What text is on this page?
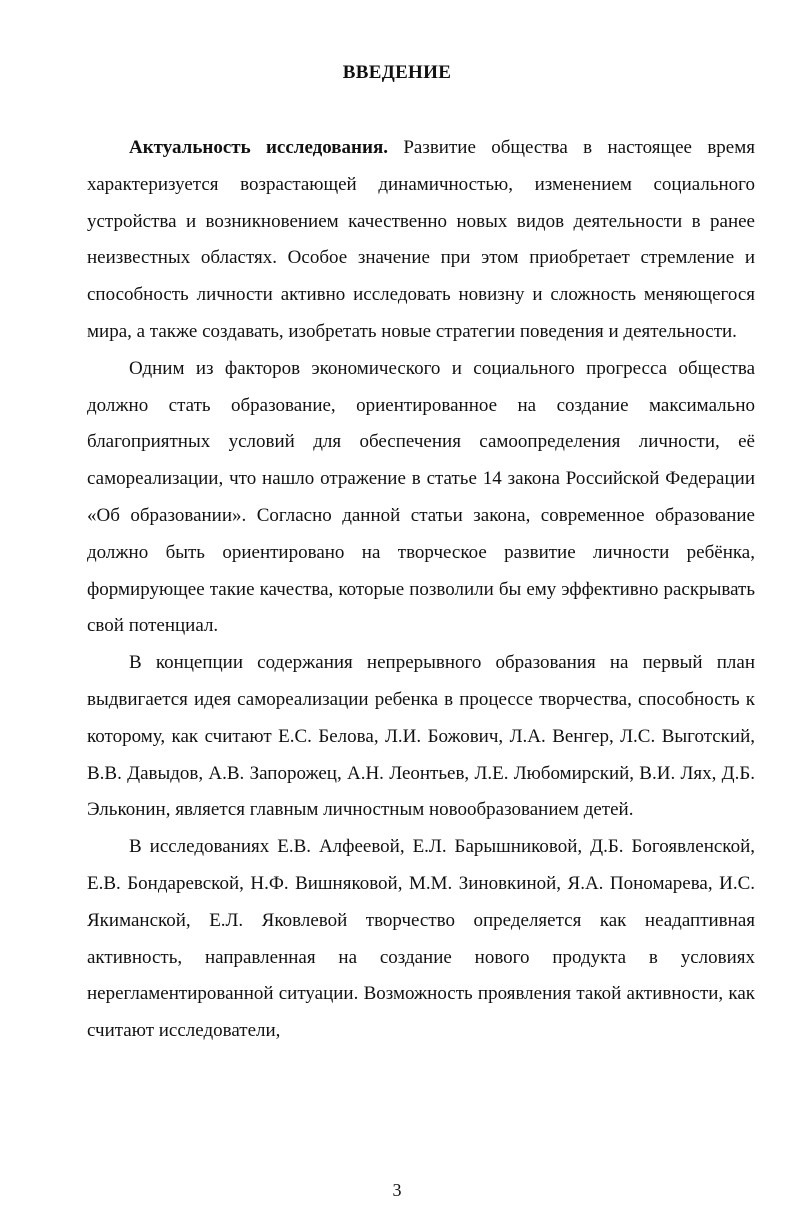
ВВЕДЕНИЕ

Актуальность исследования. Развитие общества в настоящее время характеризуется возрастающей динамичностью, изменением социального устройства и возникновением качественно новых видов деятельности в ранее неизвестных областях. Особое значение при этом приобретает стремление и способность личности активно исследовать новизну и сложность меняющегося мира, а также создавать, изобретать новые стратегии поведения и деятельности.

Одним из факторов экономического и социального прогресса общества должно стать образование, ориентированное на создание максимально благоприятных условий для обеспечения самоопределения личности, её самореализации, что нашло отражение в статье 14 закона Российской Федерации «Об образовании». Согласно данной статьи закона, современное образование должно быть ориентировано на творческое развитие личности ребёнка, формирующее такие качества, которые позволили бы ему эффективно раскрывать свой потенциал.

В концепции содержания непрерывного образования на первый план выдвигается идея самореализации ребенка в процессе творчества, способность к которому, как считают Е.С. Белова, Л.И. Божович, Л.А. Венгер, Л.С. Выготский, В.В. Давыдов, А.В. Запорожец, А.Н. Леонтьев, Л.Е. Любомирский, В.И. Лях, Д.Б. Эльконин, является главным личностным новообразованием детей.

В исследованиях Е.В. Алфеевой, Е.Л. Барышниковой, Д.Б. Богоявленской, Е.В. Бондаревской, Н.Ф. Вишняковой, М.М. Зиновкиной, Я.А. Пономарева, И.С. Якиманской, Е.Л. Яковлевой творчество определяется как неадаптивная активность, направленная на создание нового продукта в условиях нерегламентированной ситуации. Возможность проявления такой активности, как считают исследователи,

3
